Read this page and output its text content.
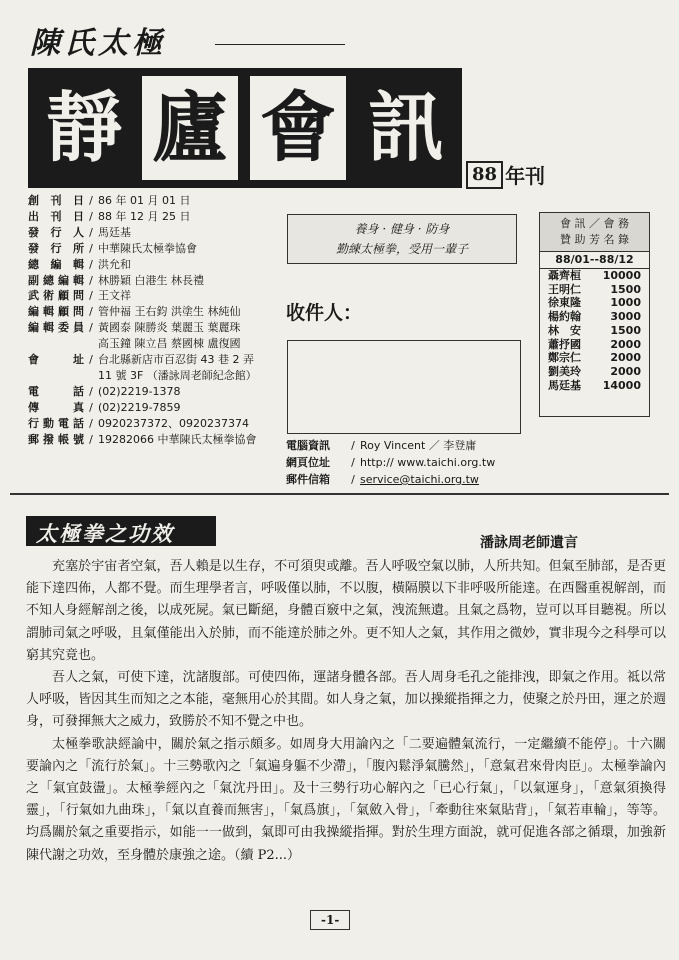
陳氏太極
靜 廬 會 訊
88 年刊
創刊日 / 86 年 01 月 01 日
出刊日 / 88 年 12 月 25 日
發行人 / 馬廷基
發行所 / 中華陳氏太極拳協會
總編輯 / 洪允和
副總編輯 / 林勝穎 白港生 林長禮
武術顧問 / 王文祥
編輯顧問 / 管仲福 王右鈞 洪塗生 林純仙
編輯委員 / 黃國泰 陳勝炎 葉麗玉 葉麗珠
高玉鐘 陳立昌 蔡國棟 盧復國
會址 / 台北縣新店市百忍街 43 巷 2 弄
11 號 3F （潘詠周老師紀念館）
電話 / (02)2219-1378
傳真 / (02)2219-7859
行動電話 / 0920237372、0920237374
郵撥帳號 / 19282066 中華陳氏太極拳協會
養身 · 健身 · 防身
勤練太極拳，受用一輩子
收件人：
電腦資訊	/ Roy Vincent ／ 李登庸
網頁位址	/ http:// www.taichi.org.tw
郵件信箱	/ service@taichi.org.tw
會 訊 ／ 會 務
贊 助 芳 名 錄
88/01--88/12
聶齊桓 10000
王明仁	1500
徐東隆	1000
楊約翰	3000
林　安	1500
蕭抒國	2000
鄭宗仁	2000
劉美玲	2000
馬廷基 14000
太極拳之功效	潘詠周老師遺言

充塞於宇宙者空氣，吾人賴是以生存，不可須臾或離。吾人呼吸空氣以肺，人所共知。但氣至肺部，是否更能下達四佈，人都不覺。而生理學者言，呼吸僅以肺，不以腹，橫隔膜以下非呼吸所能達。在西醫重視解剖，而不知人身經解剖之後，以成死屍。氣已斷絕，身體百竅中之氣，洩流無遺。且氣之爲物，豈可以耳目聽視。所以謂肺司氣之呼吸，且氣僅能出入於肺，而不能達於肺之外。更不知人之氣，其作用之微妙，實非現今之科學可以窮其究竟也。

吾人之氣，可使下達，沈諸腹部。可使四佈，運諸身體各部。吾人周身毛孔之能排洩，即氣之作用。祗以常人呼吸，皆因其生而知之之本能，毫無用心於其間。如人身之氣，加以操縱指揮之力，使聚之於丹田，運之於週身，可發揮無大之威力，致勝於不知不覺之中也。

太極拳歌訣經論中，關於氣之指示頗多。如周身大用論內之「二要遍體氣流行，一定繼續不能停」。十六關要論內之「流行於氣」。十三勢歌內之「氣遍身軀不少滯」，「腹內鬆淨氣騰然」，「意氣君來骨肉臣」。太極拳論內之「氣宜鼓盪」。太極拳經內之「氣沈丹田」。及十三勢行功心解內之「已心行氣」，「以氣運身」，「意氣須換得靈」，「行氣如九曲珠」，「氣以直養而無害」，「氣爲旗」，「氣斂入骨」，「牽動往來氣貼背」，「氣若車輪」，等等。均爲關於氣之重要指示，如能一一做到，氣即可由我操縱指揮。對於生理方面說，就可促進各部之循環，加強新陳代謝之功效，至身體於康強之途。（續 P2...）

-1-
